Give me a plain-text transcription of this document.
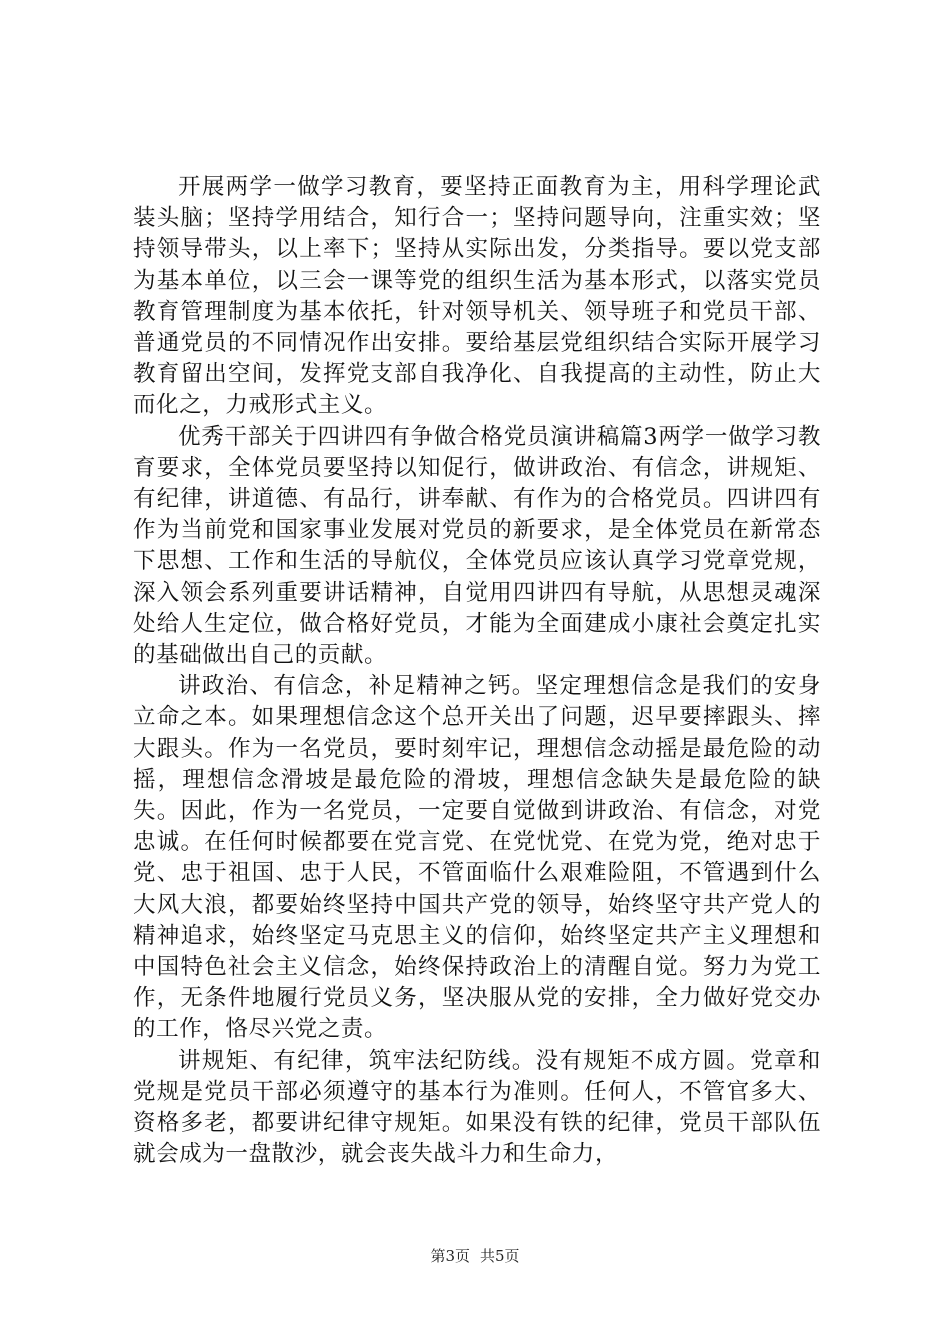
开展两学一做学习教育，要坚持正面教育为主，用科学理论武装头脑；坚持学用结合，知行合一；坚持问题导向，注重实效；坚持领导带头，以上率下；坚持从实际出发，分类指导。要以党支部为基本单位，以三会一课等党的组织生活为基本形式，以落实党员教育管理制度为基本依托，针对领导机关、领导班子和党员干部、普通党员的不同情况作出安排。要给基层党组织结合实际开展学习教育留出空间，发挥党支部自我净化、自我提高的主动性，防止大而化之，力戒形式主义。

优秀干部关于四讲四有争做合格党员演讲稿篇3两学一做学习教育要求，全体党员要坚持以知促行，做讲政治、有信念，讲规矩、有纪律，讲道德、有品行，讲奉献、有作为的合格党员。四讲四有作为当前党和国家事业发展对党员的新要求，是全体党员在新常态下思想、工作和生活的导航仪，全体党员应该认真学习党章党规，深入领会系列重要讲话精神，自觉用四讲四有导航，从思想灵魂深处给人生定位，做合格好党员，才能为全面建成小康社会奠定扎实的基础做出自己的贡献。

讲政治、有信念，补足精神之钙。坚定理想信念是我们的安身立命之本。如果理想信念这个总开关出了问题，迟早要摔跟头、摔大跟头。作为一名党员，要时刻牢记，理想信念动摇是最危险的动摇，理想信念滑坡是最危险的滑坡，理想信念缺失是最危险的缺失。因此，作为一名党员，一定要自觉做到讲政治、有信念，对党忠诚。在任何时候都要在党言党、在党忧党、在党为党，绝对忠于党、忠于祖国、忠于人民，不管面临什么艰难险阻，不管遇到什么大风大浪，都要始终坚持中国共产党的领导，始终坚守共产党人的精神追求，始终坚定马克思主义的信仰，始终坚定共产主义理想和中国特色社会主义信念，始终保持政治上的清醒自觉。努力为党工作，无条件地履行党员义务，坚决服从党的安排，全力做好党交办的工作，恪尽兴党之责。

讲规矩、有纪律，筑牢法纪防线。没有规矩不成方圆。党章和党规是党员干部必须遵守的基本行为准则。任何人，不管官多大、资格多老，都要讲纪律守规矩。如果没有铁的纪律，党员干部队伍就会成为一盘散沙，就会丧失战斗力和生命力，

第3页 共5页
